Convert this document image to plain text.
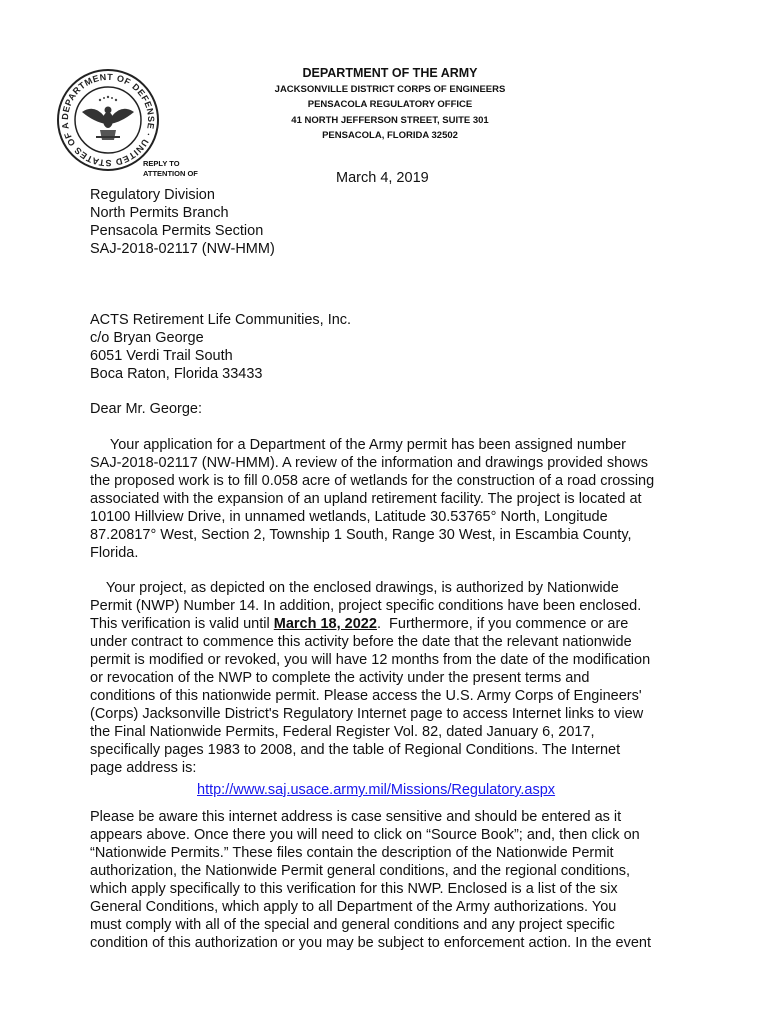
DEPARTMENT OF DEFENSE · UNITED STATES OF A
DEPARTMENT OF THE ARMY
JACKSONVILLE DISTRICT CORPS OF ENGINEERS
PENSACOLA REGULATORY OFFICE
41 NORTH JEFFERSON STREET, SUITE 301
PENSACOLA, FLORIDA 32502
REPLY TO
ATTENTION OF	March 4, 2019
Regulatory Division
North Permits Branch
Pensacola Permits Section
SAJ-2018-02117 (NW-HMM)
ACTS Retirement Life Communities, Inc.
c/o Bryan George
6051 Verdi Trail South
Boca Raton, Florida 33433
Dear Mr. George:
Your application for a Department of the Army permit has been assigned number
SAJ-2018-02117 (NW-HMM). A review of the information and drawings provided shows
the proposed work is to fill 0.058 acre of wetlands for the construction of a road crossing
associated with the expansion of an upland retirement facility. The project is located at
10100 Hillview Drive, in unnamed wetlands, Latitude 30.53765° North, Longitude
87.20817° West, Section 2, Township 1 South, Range 30 West, in Escambia County,
Florida.
Your project, as depicted on the enclosed drawings, is authorized by Nationwide
Permit (NWP) Number 14. In addition, project specific conditions have been enclosed.
This verification is valid until March 18, 2022.  Furthermore, if you commence or are
under contract to commence this activity before the date that the relevant nationwide
permit is modified or revoked, you will have 12 months from the date of the modification
or revocation of the NWP to complete the activity under the present terms and
conditions of this nationwide permit. Please access the U.S. Army Corps of Engineers'
(Corps) Jacksonville District's Regulatory Internet page to access Internet links to view
the Final Nationwide Permits, Federal Register Vol. 82, dated January 6, 2017,
specifically pages 1983 to 2008, and the table of Regional Conditions. The Internet
page address is:
http://www.saj.usace.army.mil/Missions/Regulatory.aspx
Please be aware this internet address is case sensitive and should be entered as it
appears above. Once there you will need to click on “Source Book”; and, then click on
“Nationwide Permits.” These files contain the description of the Nationwide Permit
authorization, the Nationwide Permit general conditions, and the regional conditions,
which apply specifically to this verification for this NWP. Enclosed is a list of the six
General Conditions, which apply to all Department of the Army authorizations. You
must comply with all of the special and general conditions and any project specific
condition of this authorization or you may be subject to enforcement action. In the event
